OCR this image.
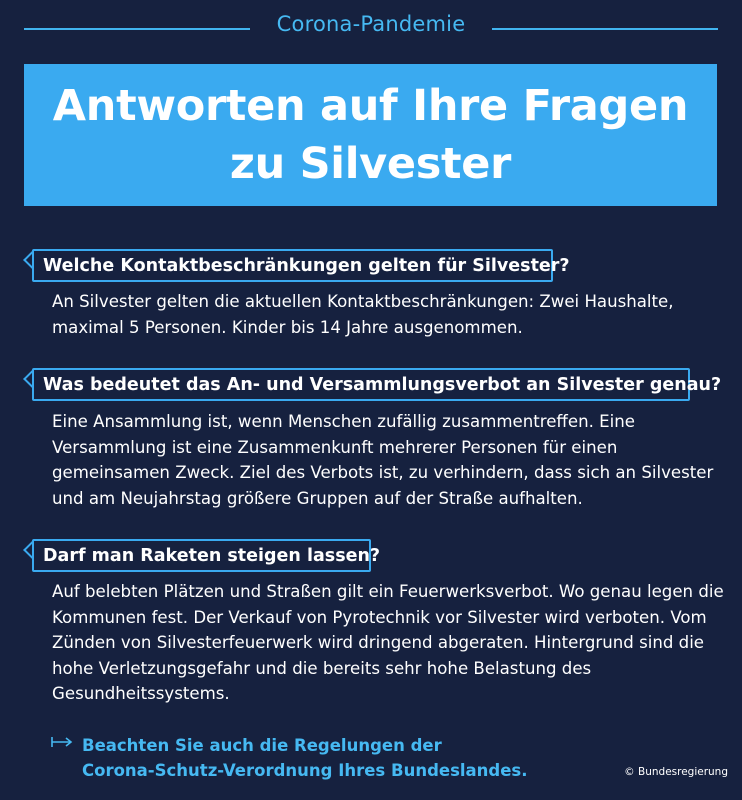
Corona-Pandemie
Antworten auf Ihre Fragen
zu Silvester
Welche Kontaktbeschränkungen gelten für Silvester?

An Silvester gelten die aktuellen Kontaktbeschränkungen: Zwei Haushalte, maximal 5 Personen. Kinder bis 14 Jahre ausgenommen.

Was bedeutet das An- und Versammlungsverbot an Silvester genau?

Eine Ansammlung ist, wenn Menschen zufällig zusammentreffen. Eine Versammlung ist eine Zusammenkunft mehrerer Personen für einen gemeinsamen Zweck. Ziel des Verbots ist, zu verhindern, dass sich an Silvester und am Neujahrstag größere Gruppen auf der Straße aufhalten.

Darf man Raketen steigen lassen?

Auf belebten Plätzen und Straßen gilt ein Feuerwerksverbot. Wo genau legen die Kommunen fest. Der Verkauf von Pyrotechnik vor Silvester wird verboten. Vom Zünden von Silvesterfeuerwerk wird dringend abgeraten. Hintergrund sind die hohe Verletzungsgefahr und die bereits sehr hohe Belastung des Gesundheitssystems.

Beachten Sie auch die Regelungen der
Corona-Schutz-Verordnung Ihres Bundeslandes.	© Bundesregierung
